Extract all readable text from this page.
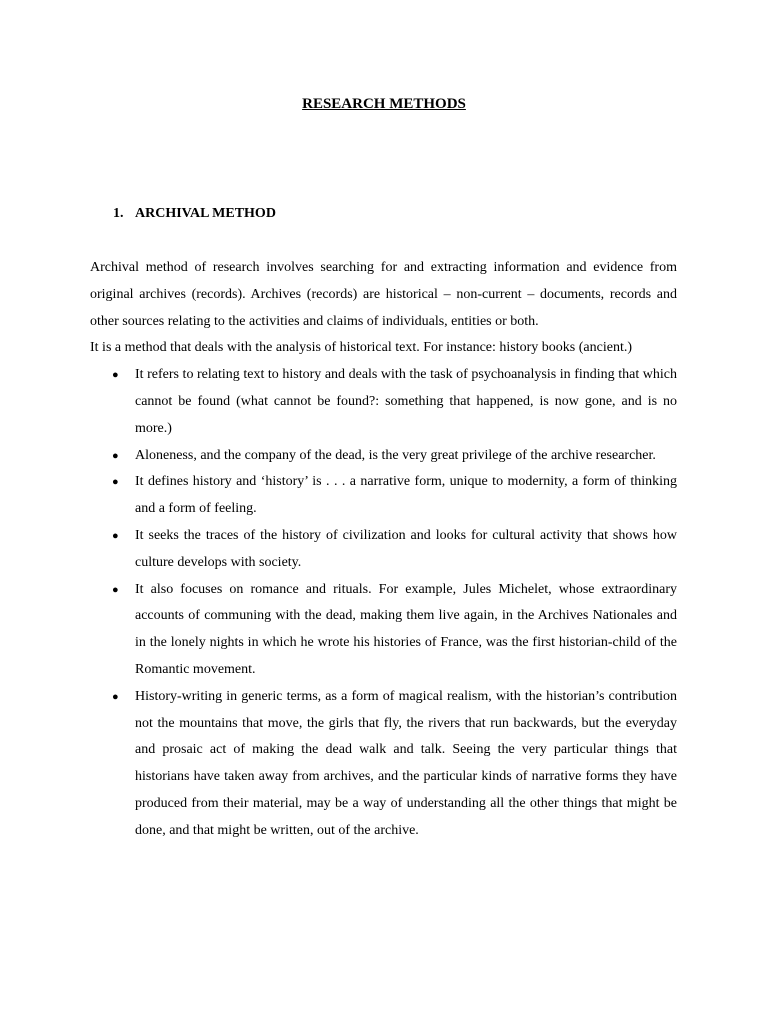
RESEARCH METHODS
1. ARCHIVAL METHOD

Archival method of research involves searching for and extracting information and evidence from original archives (records). Archives (records) are historical – non-current – documents, records and other sources relating to the activities and claims of individuals, entities or both.

It is a method that deals with the analysis of historical text. For instance: history books (ancient.)

● It refers to relating text to history and deals with the task of psychoanalysis in finding that which cannot be found (what cannot be found?: something that happened, is now gone, and is no more.)
● Aloneness, and the company of the dead, is the very great privilege of the archive researcher.
● It defines history and ‘history’ is . . . a narrative form, unique to modernity, a form of thinking and a form of feeling.
● It seeks the traces of the history of civilization and looks for cultural activity that shows how culture develops with society.
● It also focuses on romance and rituals. For example, Jules Michelet, whose extraordinary accounts of communing with the dead, making them live again, in the Archives Nationales and in the lonely nights in which he wrote his histories of France, was the first historian-child of the Romantic movement.
● History-writing in generic terms, as a form of magical realism, with the historian’s contribution not the mountains that move, the girls that fly, the rivers that run backwards, but the everyday and prosaic act of making the dead walk and talk. Seeing the very particular things that historians have taken away from archives, and the particular kinds of narrative forms they have produced from their material, may be a way of understanding all the other things that might be done, and that might be written, out of the archive.
